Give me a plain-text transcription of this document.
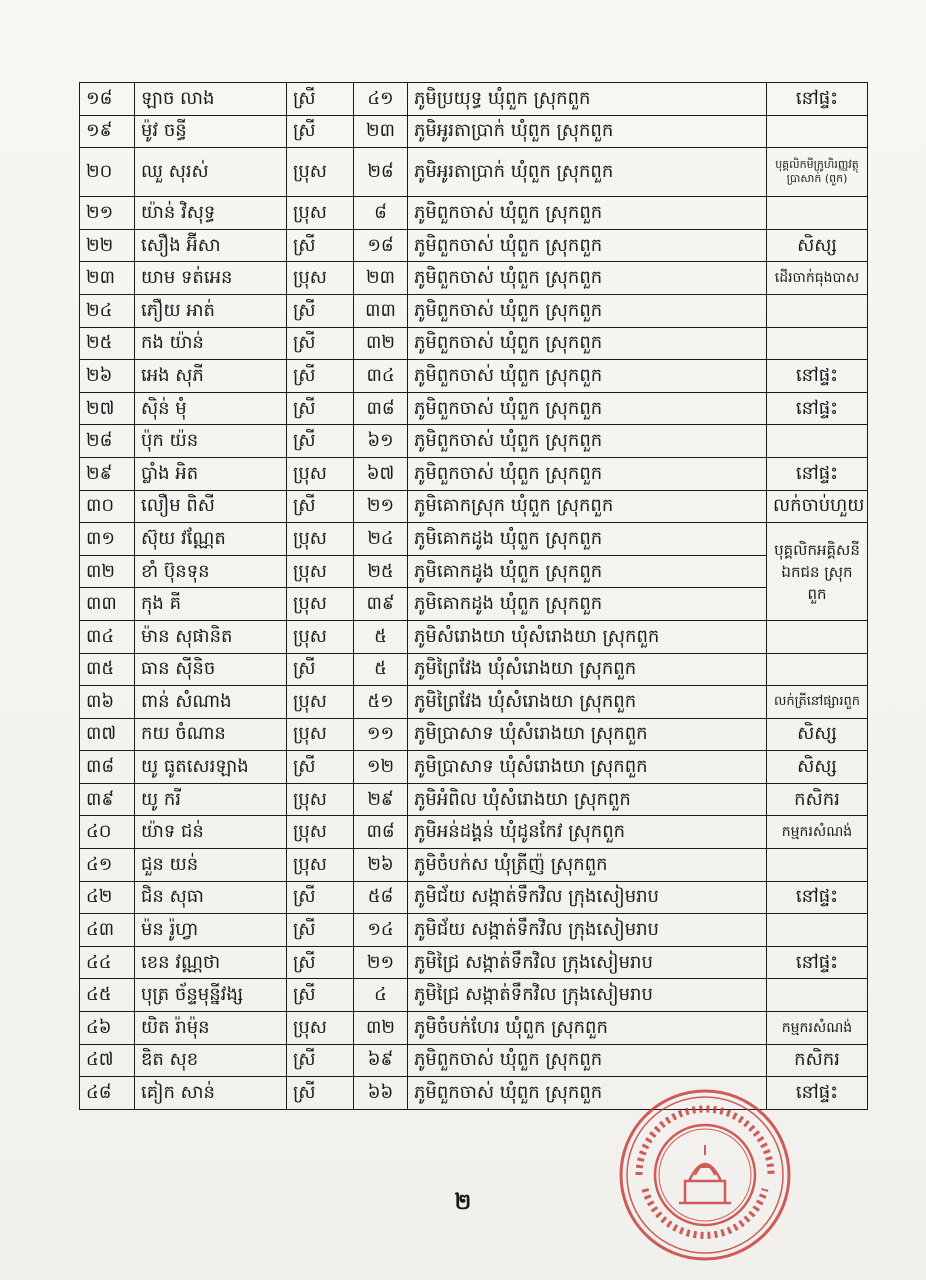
១៨	ឡាច លាង	ស្រី	៤១	ភូមិប្រយុទ្ធ ឃុំពួក ស្រុកពួក	នៅផ្ទះ
១៩	ម៉ូវ ចន្ធី	ស្រី	២៣	ភូមិអូរតាប្រាក់ ឃុំពួក ស្រុកពួក	
២០	ឈួ សុរស់	ប្រុស	២៨	ភូមិអូរតាប្រាក់ ឃុំពួក ស្រុកពួក	បុគ្គលិកមីក្រូហិរញ្ញវត្ថុ ប្រាសាក់ (ពួក)
២១	យ៉ាន់ វិសុទ្ធ	ប្រុស	៨	ភូមិពួកចាស់ ឃុំពួក ស្រុកពួក	
២២	សឿង អ៊ីសា	ស្រី	១៨	ភូមិពួកចាស់ ឃុំពួក ស្រុកពួក	សិស្ស
២៣	យាម ទត់អេន	ប្រុស	២៣	ភូមិពួកចាស់ ឃុំពួក ស្រុកពួក	ដើរចាក់ធុងបាស
២៤	ភឿយ អាត់	ស្រី	៣៣	ភូមិពួកចាស់ ឃុំពួក ស្រុកពួក	
២៥	កង យ៉ាន់	ស្រី	៣២	ភូមិពួកចាស់ ឃុំពួក ស្រុកពួក	
២៦	អេង សុភី	ស្រី	៣៤	ភូមិពួកចាស់ ឃុំពួក ស្រុកពួក	នៅផ្ទះ
២៧	ស៊ិន់ មុំ	ស្រី	៣៨	ភូមិពួកចាស់ ឃុំពួក ស្រុកពួក	នៅផ្ទះ
២៨	ប៉ុក យ៉ន	ស្រី	៦១	ភូមិពួកចាស់ ឃុំពួក ស្រុកពួក	
២៩	ប្លាំង អិត	ប្រុស	៦៧	ភូមិពួកចាស់ ឃុំពួក ស្រុកពួក	នៅផ្ទះ
៣០	លឿម ពិសី	ស្រី	២១	ភូមិគោកស្រុក ឃុំពួក ស្រុកពួក	លក់ចាប់ហួយ
៣១	ស៊ុយ វណ្ណែត	ប្រុស	២៤	ភូមិគោកដូង ឃុំពួក ស្រុកពួក	បុគ្គលិកអគ្គិសនី ឯកជន ស្រុកពួក
៣២	ខាំ ប៊ុនទុន	ប្រុស	២៥	ភូមិគោកដូង ឃុំពួក ស្រុកពួក	
៣៣	កុង គី	ប្រុស	៣៩	ភូមិគោកដូង ឃុំពួក ស្រុកពួក	
៣៤	ម៉ាន សុផានិត	ប្រុស	៥	ភូមិសំរោងយា ឃុំសំរោងយា ស្រុកពួក	
៣៥	ធាន ស៊ីនិច	ស្រី	៥	ភូមិព្រៃវែង ឃុំសំរោងយា ស្រុកពួក	
៣៦	ពាន់ សំណាង	ប្រុស	៥១	ភូមិព្រៃវែង ឃុំសំរោងយា ស្រុកពួក	លក់ត្រីនៅផ្សារពួក
៣៧	កយ ចំណាន	ប្រុស	១១	ភូមិប្រាសាទ ឃុំសំរោងយា ស្រុកពួក	សិស្ស
៣៨	យូ ធូតសេរឡាង	ស្រី	១២	ភូមិប្រាសាទ ឃុំសំរោងយា ស្រុកពួក	សិស្ស
៣៩	យូ ករី	ប្រុស	២៩	ភូមិអំពិល ឃុំសំរោងយា ស្រុកពួក	កសិករ
៤០	យ៉ាទ ជន់	ប្រុស	៣៨	ភូមិអន់ដង្គន់ ឃុំដូនកែវ ស្រុកពួក	កម្មករសំណង់
៤១	ជួន យន់	ប្រុស	២៦	ភូមិចំបក់ស ឃុំត្រីញ៉ ស្រុកពួក	
៤២	ជិន សុធា	ស្រី	៥៨	ភូមិជ័យ សង្កាត់ទឹកវិល ក្រុងសៀមរាប	នៅផ្ទះ
៤៣	ម៉ន រ៉ូហ្វា	ស្រី	១៤	ភូមិជ័យ សង្កាត់ទឹកវិល ក្រុងសៀមរាប	
៤៤	ខេន វណ្ណថា	ស្រី	២១	ភូមិជ្រៃ សង្កាត់ទឹកវិល ក្រុងសៀមរាប	នៅផ្ទះ
៤៥	បុត្រ ច័ន្ទមុន្នីវង្ស	ស្រី	៤	ភូមិជ្រៃ សង្កាត់ទឹកវិល ក្រុងសៀមរាប	
៤៦	យិត រ៉ាម៉ុន	ប្រុស	៣២	ភូមិចំបក់ហែរ ឃុំពួក ស្រុកពួក	កម្មករសំណង់
៤៧	ឌិត សុខ	ស្រី	៦៩	ភូមិពួកចាស់ ឃុំពួក ស្រុកពួក	កសិករ
៤៨	គៀក សាន់	ស្រី	៦៦	ភូមិពួកចាស់ ឃុំពួក ស្រុកពួក	នៅផ្ទះ
២
